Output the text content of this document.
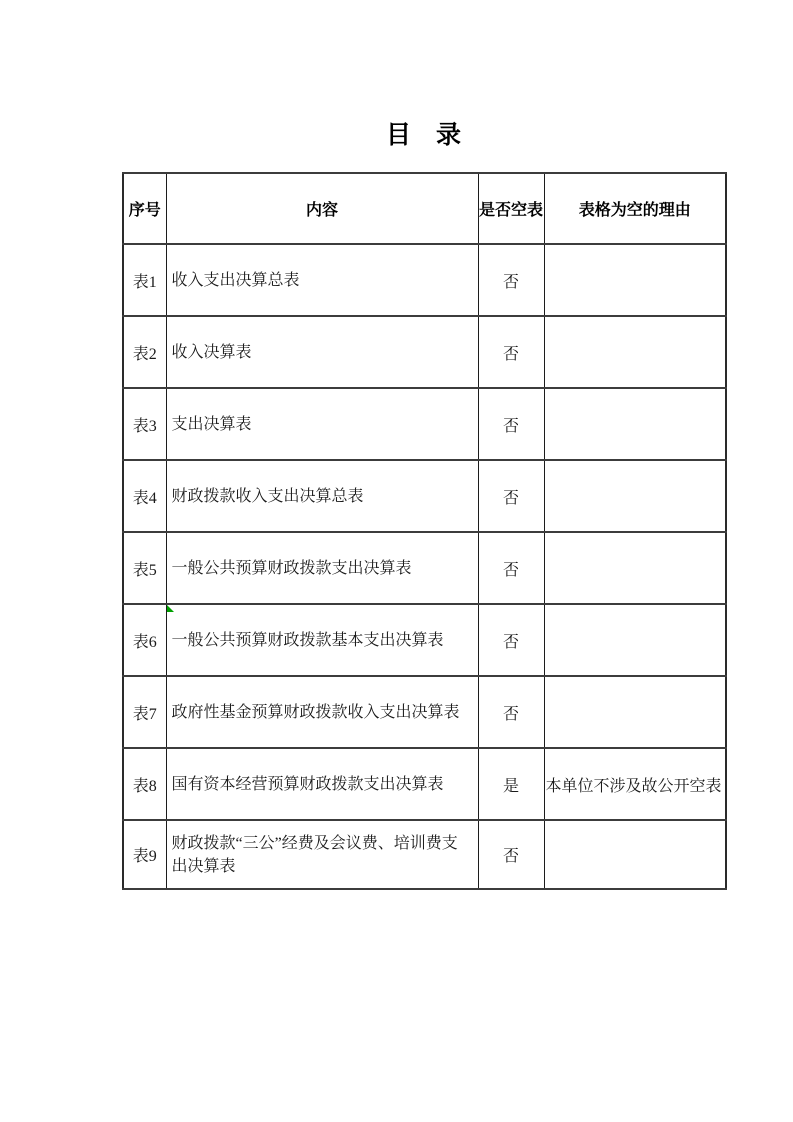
目　录
序号	内容	是否空表	表格为空的理由
表1	收入支出决算总表	否	
表2	收入决算表	否	
表3	支出决算表	否	
表4	财政拨款收入支出决算总表	否	
表5	一般公共预算财政拨款支出决算表	否	
表6	一般公共预算财政拨款基本支出决算表	否	
表7	政府性基金预算财政拨款收入支出决算表	否	
表8	国有资本经营预算财政拨款支出决算表	是	本单位不涉及故公开空表
表9	财政拨款“三公”经费及会议费、培训费支出决算表	否	
